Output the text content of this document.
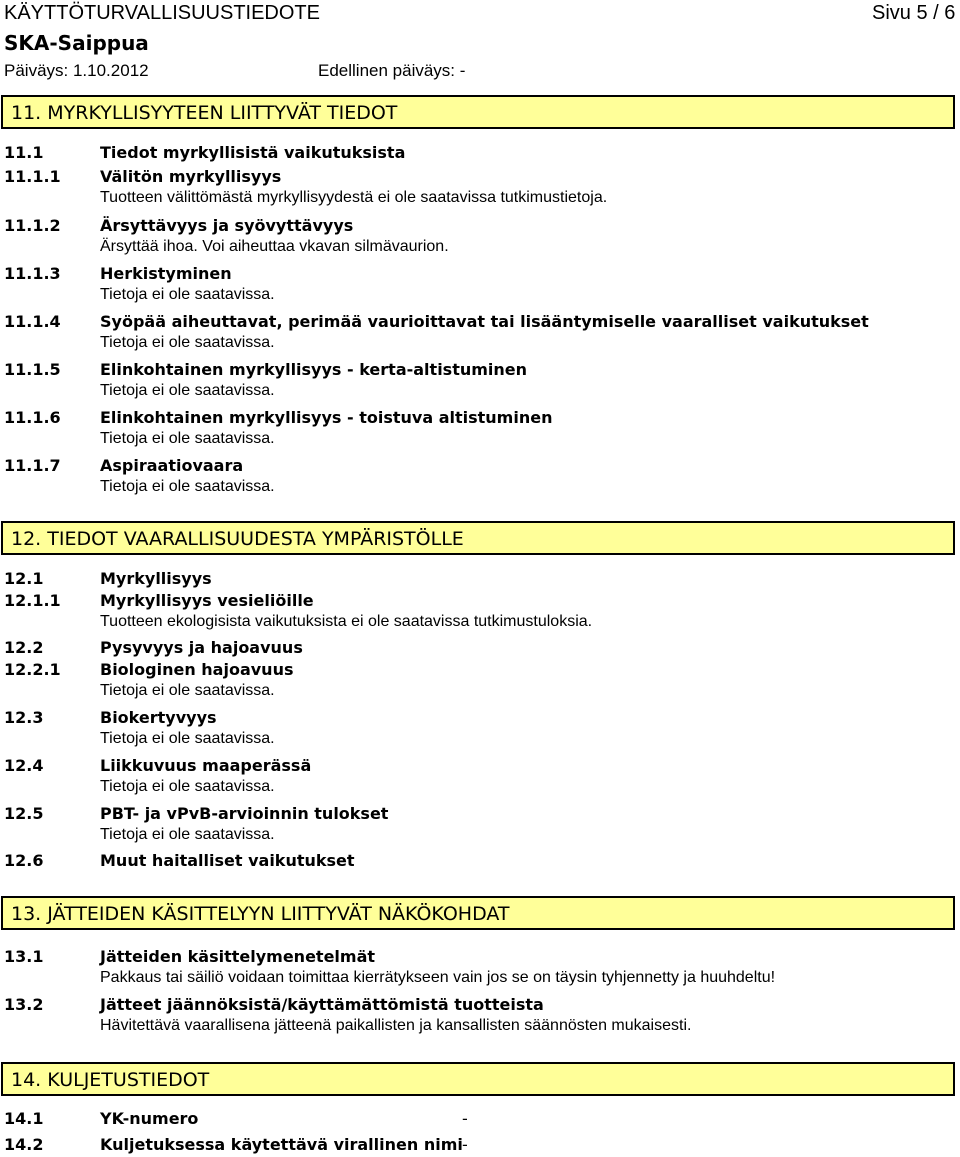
KÄYTTÖTURVALLISUUSTIEDOTE	Sivu 5 / 6
SKA-Saippua
Päiväys: 1.10.2012	Edellinen päiväys: -
11. MYRKYLLISYYTEEN LIITTYVÄT TIEDOT
11.1	Tiedot myrkyllisistä vaikutuksista
11.1.1 Välitön myrkyllisyys
Tuotteen välittömästä myrkyllisyydestä ei ole saatavissa tutkimustietoja.
11.1.2 Ärsyttävyys ja syövyttävyys
Ärsyttää ihoa. Voi aiheuttaa vkavan silmävaurion.
11.1.3 Herkistyminen
Tietoja ei ole saatavissa.
11.1.4 Syöpää aiheuttavat, perimää vaurioittavat tai lisääntymiselle vaaralliset vaikutukset
Tietoja ei ole saatavissa.
11.1.5 Elinkohtainen myrkyllisyys - kerta-altistuminen
Tietoja ei ole saatavissa.
11.1.6 Elinkohtainen myrkyllisyys - toistuva altistuminen
Tietoja ei ole saatavissa.
11.1.7 Aspiraatiovaara
Tietoja ei ole saatavissa.
12. TIEDOT VAARALLISUUDESTA YMPÄRISTÖLLE
12.1	Myrkyllisyys
12.1.1 Myrkyllisyys vesieliöille
Tuotteen ekologisista vaikutuksista ei ole saatavissa tutkimustuloksia.
12.2	Pysyvyys ja hajoavuus
12.2.1 Biologinen hajoavuus
Tietoja ei ole saatavissa.
12.3	Biokertyvyys
Tietoja ei ole saatavissa.
12.4	Liikkuvuus maaperässä
Tietoja ei ole saatavissa.
12.5	PBT- ja vPvB-arvioinnin tulokset
Tietoja ei ole saatavissa.
12.6	Muut haitalliset vaikutukset
13. JÄTTEIDEN KÄSITTELYYN LIITTYVÄT NÄKÖKOHDAT
13.1	Jätteiden käsittelymenetelmät
Pakkaus tai säiliö voidaan toimittaa kierrätykseen vain jos se on täysin tyhjennetty ja huuhdeltu!
13.2	Jätteet jäännöksistä/käyttämättömistä tuotteista
Hävitettävä vaarallisena jätteenä paikallisten ja kansallisten säännösten mukaisesti.
14. KULJETUSTIEDOT
14.1	YK-numero	-
14.2	Kuljetuksessa käytettävä virallinen nimi -
